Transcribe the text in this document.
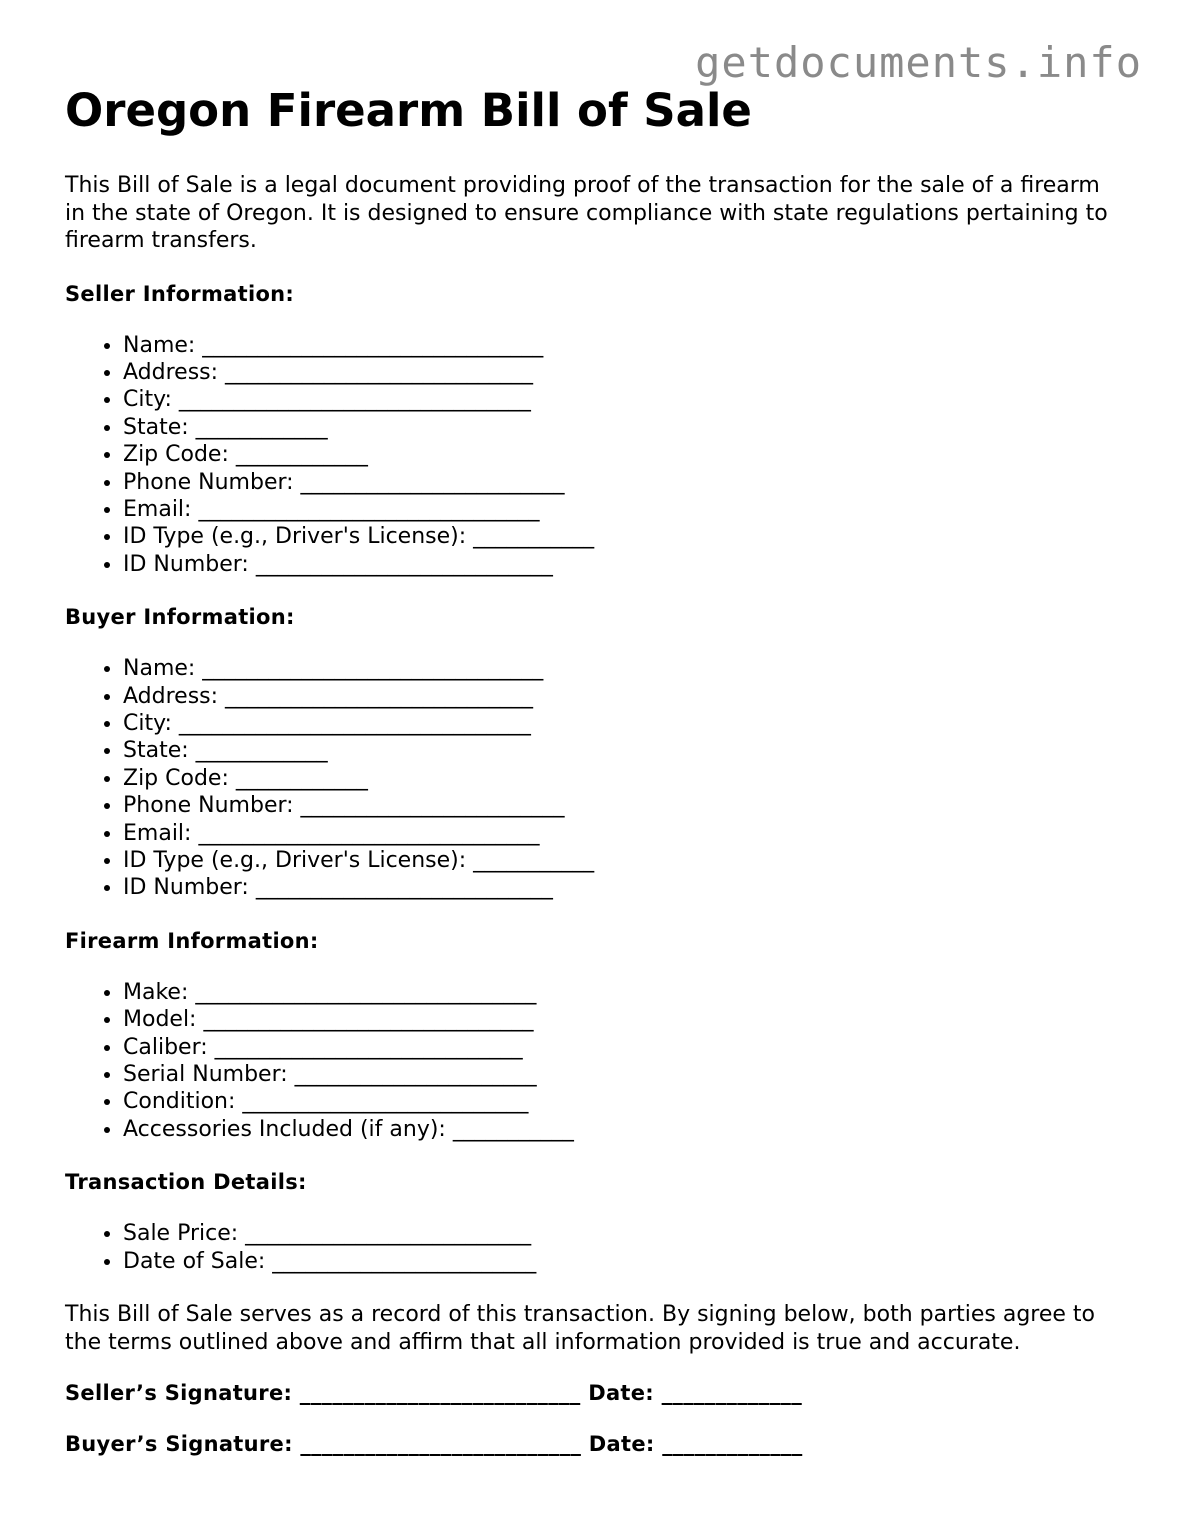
getdocuments.info
Oregon Firearm Bill of Sale

This Bill of Sale is a legal document providing proof of the transaction for the sale of a firearm in the state of Oregon. It is designed to ensure compliance with state regulations pertaining to firearm transfers.

Seller Information:
• Name: _______________________________
• Address: ____________________________
• City: ________________________________
• State: ____________
• Zip Code: ____________
• Phone Number: ________________________
• Email: _______________________________
• ID Type (e.g., Driver's License): ___________
• ID Number: ___________________________
Buyer Information:
• Name: _______________________________
• Address: ____________________________
• City: ________________________________
• State: ____________
• Zip Code: ____________
• Phone Number: ________________________
• Email: _______________________________
• ID Type (e.g., Driver's License): ___________
• ID Number: ___________________________
Firearm Information:
• Make: _______________________________
• Model: ______________________________
• Caliber: ____________________________
• Serial Number: ______________________
• Condition: __________________________
• Accessories Included (if any): ___________
Transaction Details:
• Sale Price: __________________________
• Date of Sale: ________________________

This Bill of Sale serves as a record of this transaction. By signing below, both parties agree to the terms outlined above and affirm that all information provided is true and accurate.

Seller’s Signature: __________________________ Date: _____________
Buyer’s Signature: __________________________ Date: _____________
